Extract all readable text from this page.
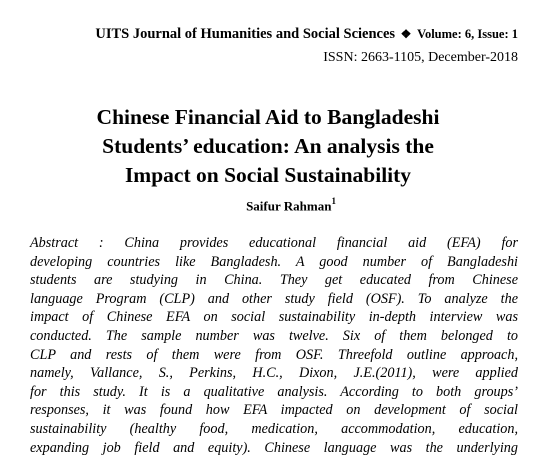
UITS Journal of Humanities and Social Sciences ❖ Volume: 6, Issue: 1
ISSN: 2663-1105, December-2018
Chinese Financial Aid to Bangladeshi
Students’ education: An analysis the
Impact on Social Sustainability
Saifur Rahman$^1$
Abstract : China provides educational financial aid (EFA) for
developing countries like Bangladesh. A good number of Bangladeshi
students are studying in China. They get educated from Chinese
language Program (CLP) and other study field (OSF). To analyze the
impact of Chinese EFA on social sustainability in-depth interview was
conducted. The sample number was twelve. Six of them belonged to
CLP and rests of them were from OSF. Threefold outline approach,
namely, Vallance, S., Perkins, H.C., Dixon, J.E.(2011), were applied
for this study. It is a qualitative analysis. According to both groups’
responses, it was found how EFA impacted on development of social
sustainability (healthy food, medication, accommodation, education,
expanding job field and equity). Chinese language was the underlying
